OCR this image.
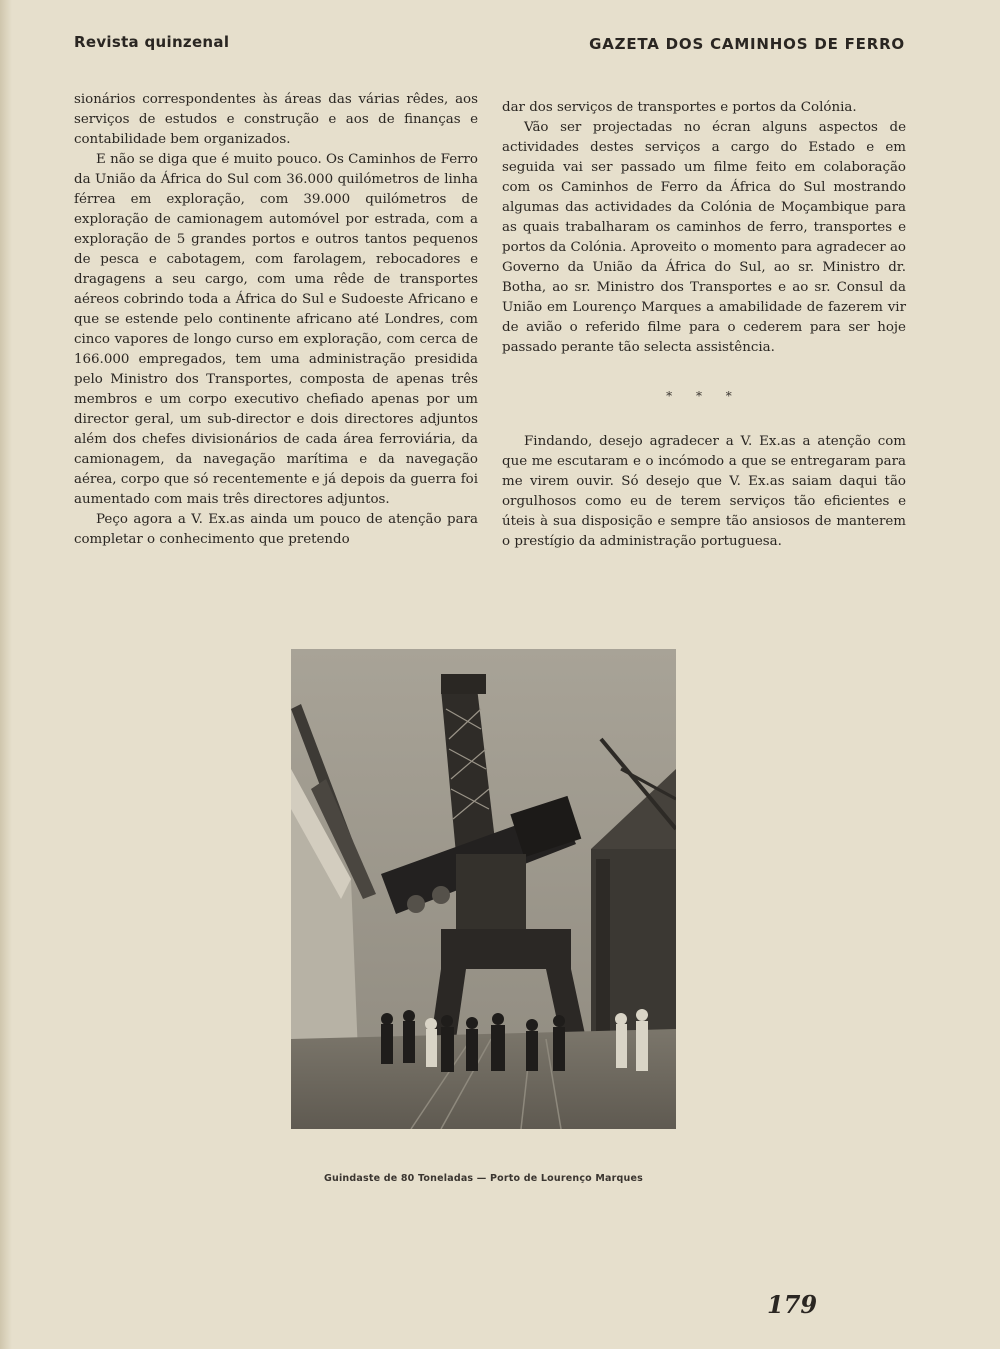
Revista quinzenal	GAZETA DOS CAMINHOS DE FERRO

sionários correspondentes às áreas das várias rêdes, aos serviços de estudos e construção e aos de finanças e contabilidade bem organizados.

E não se diga que é muito pouco. Os Caminhos de Ferro da União da África do Sul com 36.000 quilómetros de linha férrea em exploração, com 39.000 quilómetros de exploração de camionagem automóvel por estrada, com a exploração de 5 grandes portos e outros tantos pequenos de pesca e cabotagem, com farolagem, rebocadores e dragagens a seu cargo, com uma rêde de transportes aéreos cobrindo toda a África do Sul e Sudoeste Africano e que se estende pelo continente africano até Londres, com cinco vapores de longo curso em exploração, com cerca de 166.000 empregados, tem uma administração presidida pelo Ministro dos Transportes, composta de apenas três membros e um corpo executivo chefiado apenas por um director geral, um sub-director e dois directores adjuntos além dos chefes divisionários de cada área ferroviária, da camionagem, da navegação marítima e da navegação aérea, corpo que só recentemente e já depois da guerra foi aumentado com mais três directores adjuntos.

Peço agora a V. Ex.as ainda um pouco de atenção para completar o conhecimento que pretendo

dar dos serviços de transportes e portos da Colónia.

Vão ser projectadas no écran alguns aspectos de actividades destes serviços a cargo do Estado e em seguida vai ser passado um filme feito em colaboração com os Caminhos de Ferro da África do Sul mostrando algumas das actividades da Colónia de Moçambique para as quais trabalharam os caminhos de ferro, transportes e portos da Colónia. Aproveito o momento para agradecer ao Governo da União da África do Sul, ao sr. Ministro dr. Botha, ao sr. Ministro dos Transportes e ao sr. Consul da União em Lourenço Marques a amabilidade de fazerem vir de avião o referido filme para o cederem para ser hoje passado perante tão selecta assistência.

* * *

Findando, desejo agradecer a V. Ex.as a atenção com que me escutaram e o incómodo a que se entregaram para me virem ouvir. Só desejo que V. Ex.as saiam daqui tão orgulhosos como eu de terem serviços tão eficientes e úteis à sua disposição e sempre tão ansiosos de manterem o prestígio da administração portuguesa.

Guindaste de 80 Toneladas — Porto de Lourenço Marques
179
